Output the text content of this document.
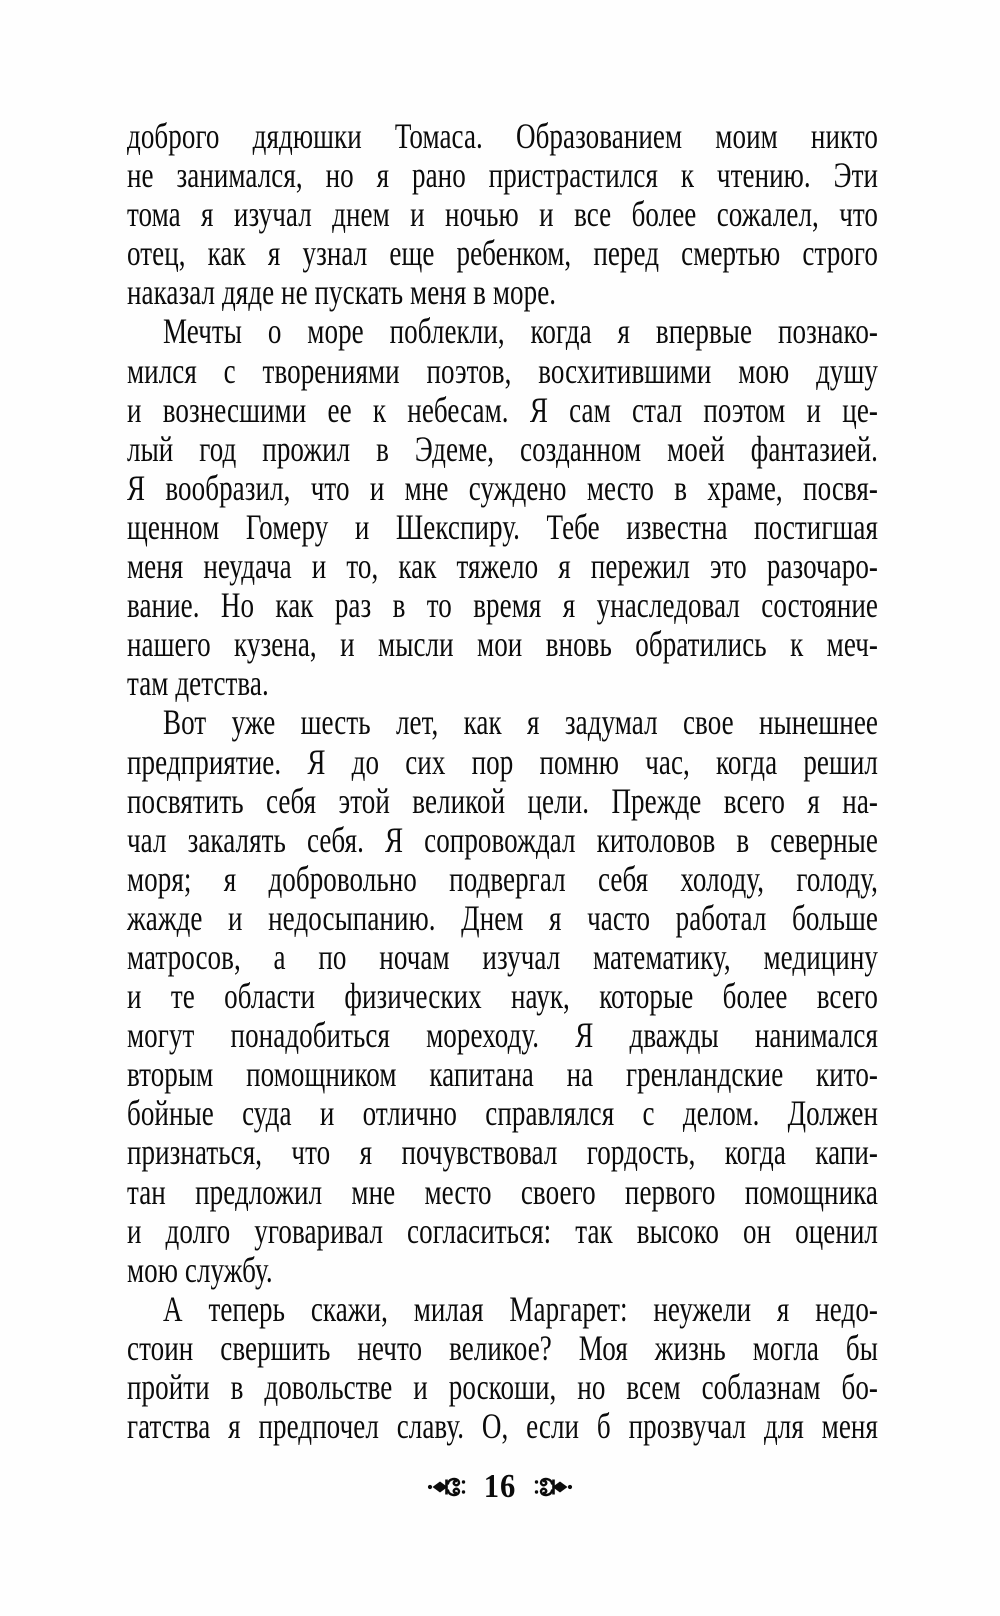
доброго дядюшки Томаса. Образованием моим никто
не занимался, но я рано пристрастился к чтению. Эти
тома я изучал днем и ночью и все более сожалел, что
отец, как я узнал еще ребенком, перед смертью строго
наказал дяде не пускать меня в море.
Мечты о море поблекли, когда я впервые познако-
мился с творениями поэтов, восхитившими мою душу
и вознесшими ее к небесам. Я сам стал поэтом и це-
лый год прожил в Эдеме, созданном моей фантазией.
Я вообразил, что и мне суждено место в храме, посвя-
щенном Гомеру и Шекспиру. Тебе известна постигшая
меня неудача и то, как тяжело я пережил это разочаро-
вание. Но как раз в то время я унаследовал состояние
нашего кузена, и мысли мои вновь обратились к меч-
там детства.
Вот уже шесть лет, как я задумал свое нынешнее
предприятие. Я до сих пор помню час, когда решил
посвятить себя этой великой цели. Прежде всего я на-
чал закалять себя. Я сопровождал китоловов в северные
моря; я добровольно подвергал себя холоду, голоду,
жажде и недосыпанию. Днем я часто работал больше
матросов, а по ночам изучал математику, медицину
и те области физических наук, которые более всего
могут понадобиться мореходу. Я дважды нанимался
вторым помощником капитана на гренландские кито-
бойные суда и отлично справлялся с делом. Должен
признаться, что я почувствовал гордость, когда капи-
тан предложил мне место своего первого помощника
и долго уговаривал согласиться: так высоко он оценил
мою службу.
А теперь скажи, милая Маргарет: неужели я недо-
стоин свершить нечто великое? Моя жизнь могла бы
пройти в довольстве и роскоши, но всем соблазнам бо-
гатства я предпочел славу. О, если б прозвучал для меня
16
